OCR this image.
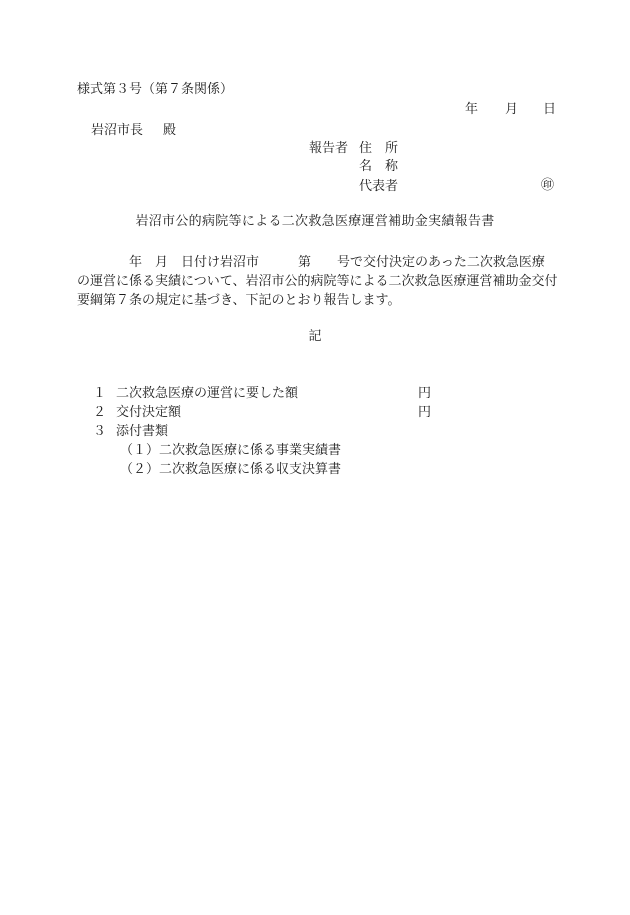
様式第３号（第７条関係）
年 月 日
岩沼市長 殿
報告者 住　所
名　称
代表者	㊞
岩沼市公的病院等による二次救急医療運営補助金実績報告書
　　　　年　月　日付け岩沼市　　　第　　号で交付決定のあった二次救急医療
の運営に係る実績について、岩沼市公的病院等による二次救急医療運営補助金交付
要綱第７条の規定に基づき、下記のとおり報告します。
記
１ 二次救急医療の運営に要した額	円
２ 交付決定額	円
３ 添付書類
（１）二次救急医療に係る事業実績書
（２）二次救急医療に係る収支決算書
